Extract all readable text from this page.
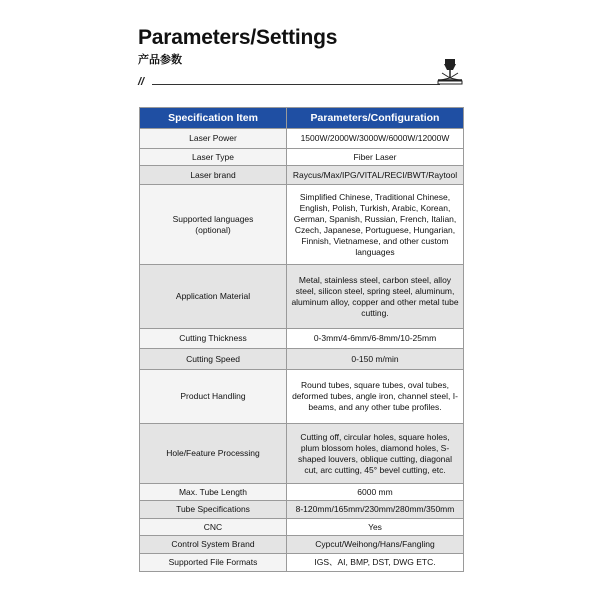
Parameters/Settings
产品参数
//
Specification Item	Parameters/Configuration
Laser Power	1500W/2000W/3000W/6000W/12000W
Laser Type	Fiber Laser
Laser brand	Raycus/Max/IPG/VITAL/RECI/BWT/Raytool
Supported languages (optional)	Simplified Chinese, Traditional Chinese, English, Polish, Turkish, Arabic, Korean, German, Spanish, Russian, French, Italian, Czech, Japanese, Portuguese, Hungarian, Finnish, Vietnamese, and other custom languages
Application Material	Metal, stainless steel, carbon steel, alloy steel, silicon steel, spring steel, aluminum, aluminum alloy, copper and other metal tube cutting.
Cutting Thickness	0-3mm/4-6mm/6-8mm/10-25mm
Cutting Speed	0-150 m/min
Product Handling	Round tubes, square tubes, oval tubes, deformed tubes, angle iron, channel steel, I-beams, and any other tube profiles.
Hole/Feature Processing	Cutting off, circular holes, square holes, plum blossom holes, diamond holes, S-shaped louvers, oblique cutting, diagonal cut, arc cutting, 45° bevel cutting, etc.
Max. Tube Length	6000 mm
Tube Specifications	8-120mm/165mm/230mm/280mm/350mm
CNC	Yes
Control System Brand	Cypcut/Weihong/Hans/Fangling
Supported File Formats	IGS、AI, BMP, DST, DWG ETC.
